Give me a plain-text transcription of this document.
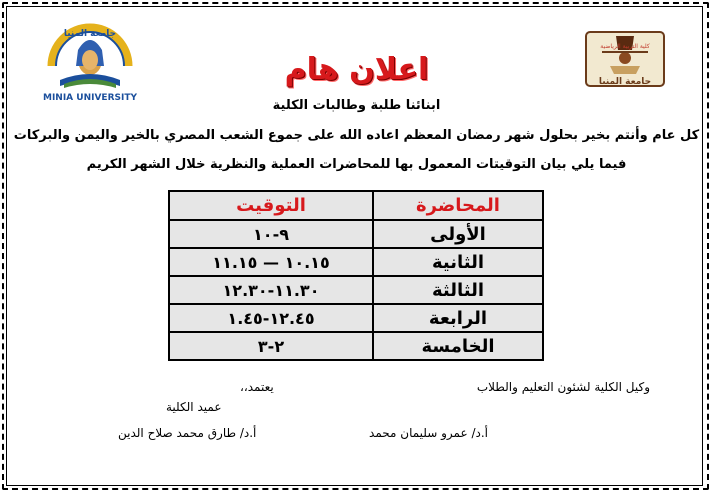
جامعة المنيا
MINIA UNIVERSITY
كلية التربية الرياضية
جامعة المنيا
اعلان هام
ابنائنا طلبة وطالبات الكلية
كل عام وأنتم بخير بحلول شهر رمضان المعظم اعاده الله على جموع الشعب المصري بالخير واليمن والبركات
فيما يلي بيان التوقيتات المعمول بها للمحاضرات العملية والنظرية خلال الشهر الكريم
المحاضرة	التوقيت
الأولى	٩-١٠
الثانية	١٠.١٥ — ١١.١٥
الثالثة	١١.٣٠-١٢.٣٠
الرابعة	١٢.٤٥-١.٤٥
الخامسة	٢-٣
وكيل الكلية لشئون التعليم والطلاب
أ.د/ عمرو سليمان محمد
يعتمد،،
عميد الكلية
أ.د/ طارق محمد صلاح الدين
